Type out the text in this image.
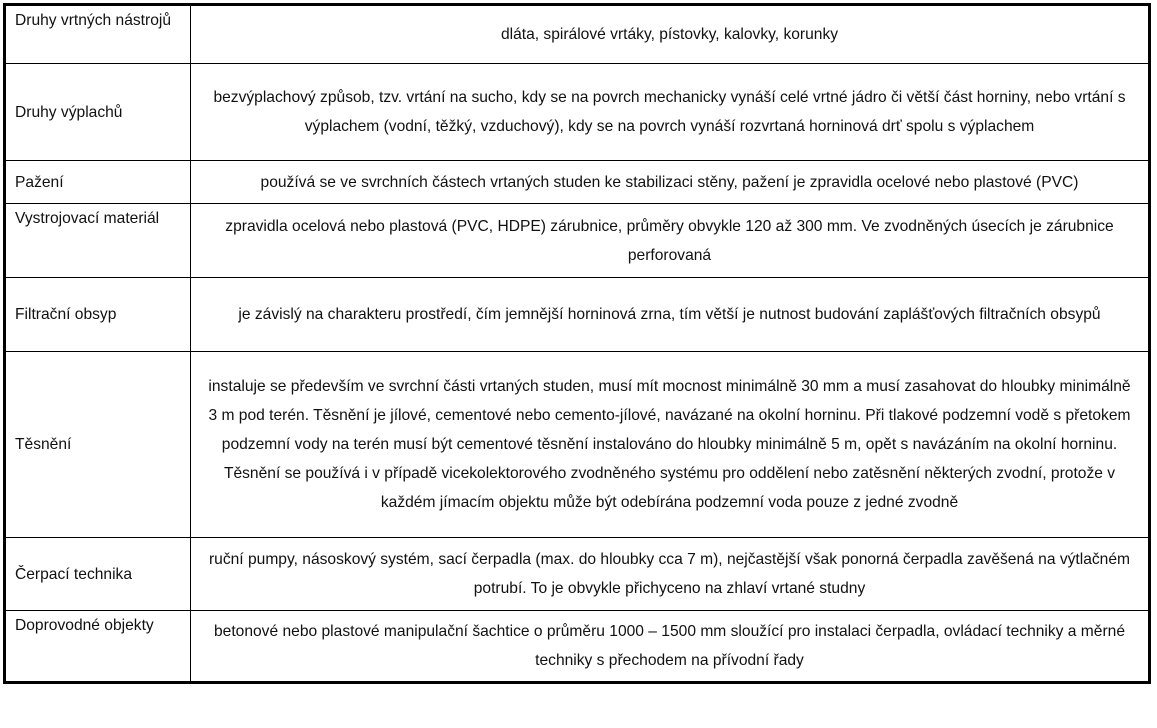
Druhy vrtných nástrojů	dláta, spirálové vrtáky, pístovky, kalovky, korunky
Druhy výplachů	bezvýplachový způsob, tzv. vrtání na sucho, kdy se na povrch mechanicky vynáší celé vrtné jádro či větší část horniny, nebo vrtání s výplachem (vodní, těžký, vzduchový), kdy se na povrch vynáší rozvrtaná horninová drť spolu s výplachem
Pažení	používá se ve svrchních částech vrtaných studen ke stabilizaci stěny, pažení je zpravidla ocelové nebo plastové (PVC)
Vystrojovací materiál	zpravidla ocelová nebo plastová (PVC, HDPE) zárubnice, průměry obvykle 120 až 300 mm. Ve zvodněných úsecích je zárubnice perforovaná
Filtrační obsyp	je závislý na charakteru prostředí, čím jemnější horninová zrna, tím větší je nutnost budování zaplášťových filtračních obsypů
Těsnění	instaluje se především ve svrchní části vrtaných studen, musí mít mocnost minimálně 30 mm a musí zasahovat do hloubky minimálně 3 m pod terén. Těsnění je jílové, cementové nebo cemento-jílové, navázané na okolní horninu. Při tlakové podzemní vodě s přetokem podzemní vody na terén musí být cementové těsnění instalováno do hloubky minimálně 5 m, opět s navázáním na okolní horninu. Těsnění se používá i v případě vicekolektorového zvodněného systému pro oddělení nebo zatěsnění některých zvodní, protože v každém jímacím objektu může být odebírána podzemní voda pouze z jedné zvodně
Čerpací technika	ruční pumpy, násoskový systém, sací čerpadla (max. do hloubky cca 7 m), nejčastější však ponorná čerpadla zavěšená na výtlačném potrubí. To je obvykle přichyceno na zhlaví vrtané studny
Doprovodné objekty	betonové nebo plastové manipulační šachtice o průměru 1000 – 1500 mm sloužící pro instalaci čerpadla, ovládací techniky a měrné techniky s přechodem na přívodní řady
